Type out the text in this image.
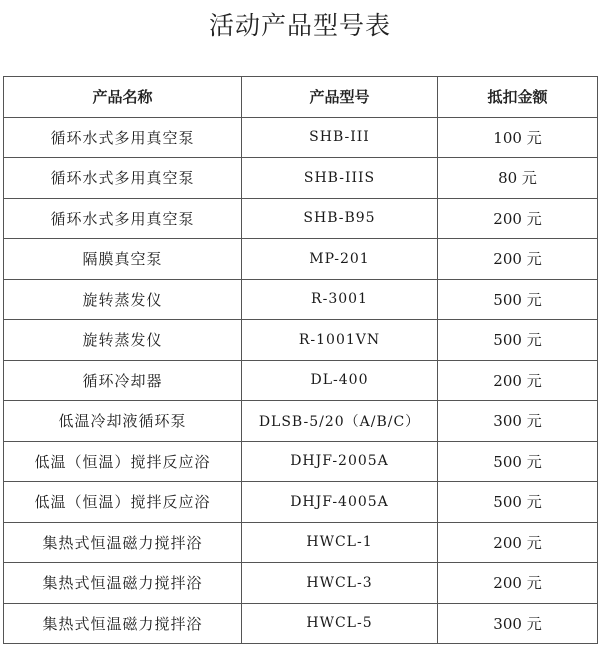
活动产品型号表
产品名称	产品型号	抵扣金额
循环水式多用真空泵	SHB-III	100 元
循环水式多用真空泵	SHB-IIIS	80 元
循环水式多用真空泵	SHB-B95	200 元
隔膜真空泵	MP-201	200 元
旋转蒸发仪	R-3001	500 元
旋转蒸发仪	R-1001VN	500 元
循环冷却器	DL-400	200 元
低温冷却液循环泵	DLSB-5/20（A/B/C）	300 元
低温（恒温）搅拌反应浴	DHJF-2005A	500 元
低温（恒温）搅拌反应浴	DHJF-4005A	500 元
集热式恒温磁力搅拌浴	HWCL-1	200 元
集热式恒温磁力搅拌浴	HWCL-3	200 元
集热式恒温磁力搅拌浴	HWCL-5	300 元
